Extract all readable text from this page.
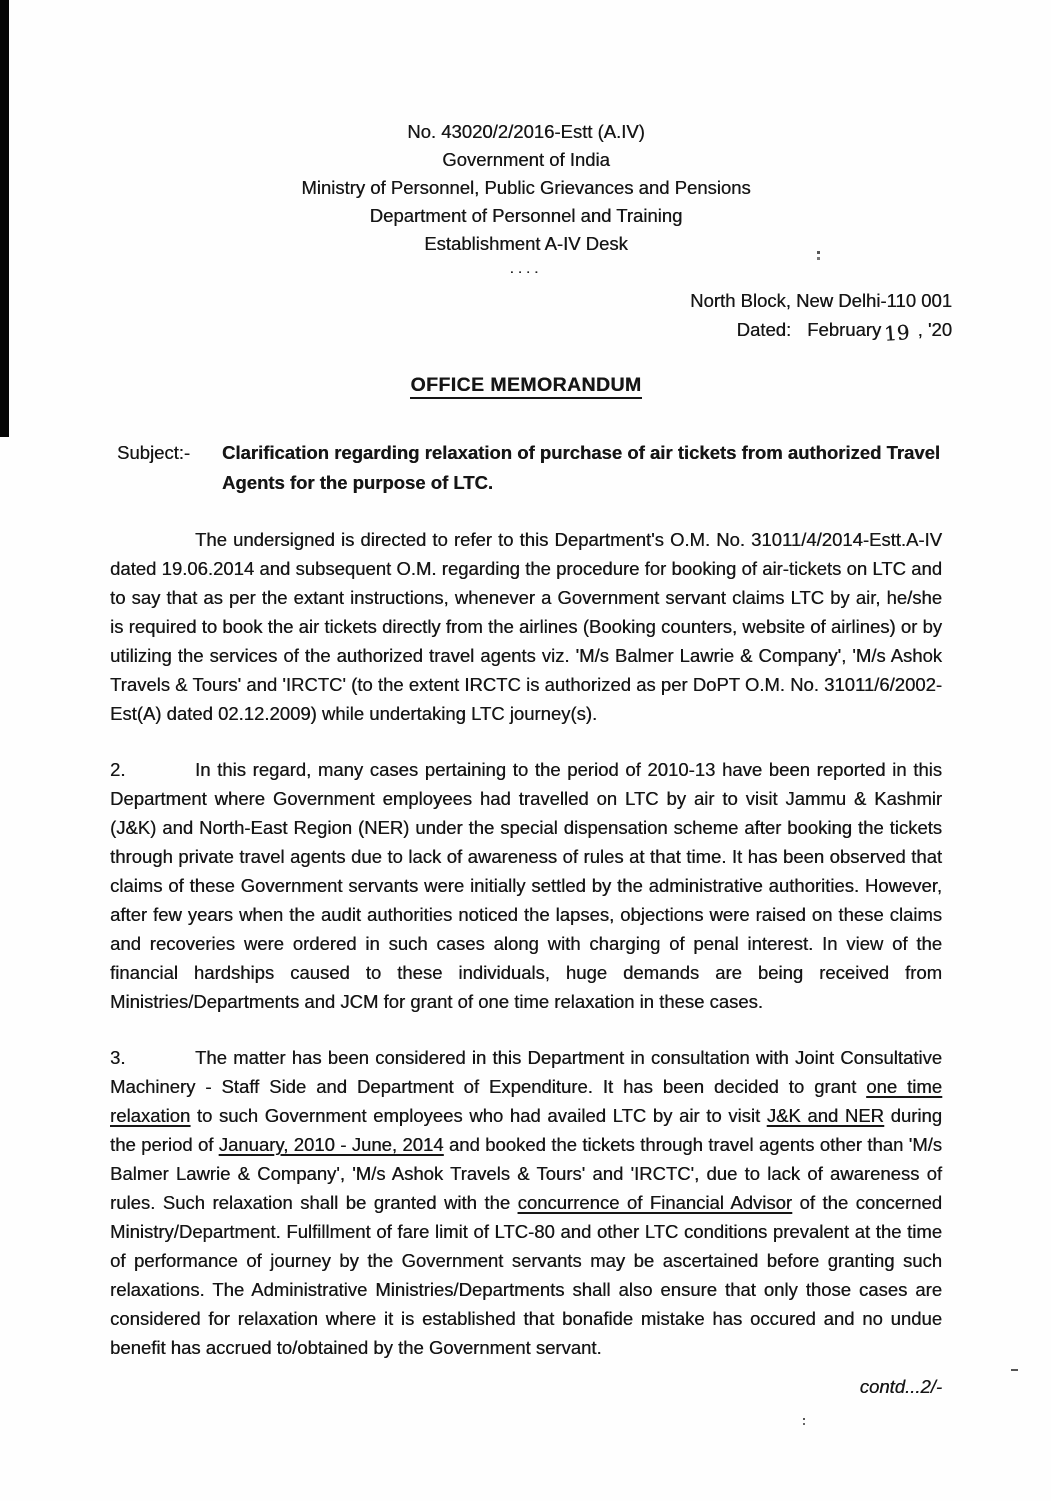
No. 43020/2/2016-Estt (A.IV)
Government of India
Ministry of Personnel, Public Grievances and Pensions
Department of Personnel and Training
Establishment A-IV Desk
....
North Block, New Delhi-110 001
Dated: February 19 , '20
OFFICE MEMORANDUM
Subject:-	Clarification regarding relaxation of purchase of air tickets from authorized Travel Agents for the purpose of LTC.

The undersigned is directed to refer to this Department's O.M. No. 31011/4/2014-Estt.A-IV dated 19.06.2014 and subsequent O.M. regarding the procedure for booking of air-tickets on LTC and to say that as per the extant instructions, whenever a Government servant claims LTC by air, he/she is required to book the air tickets directly from the airlines (Booking counters, website of airlines) or by utilizing the services of the authorized travel agents viz. 'M/s Balmer Lawrie & Company', 'M/s Ashok Travels & Tours' and 'IRCTC' (to the extent IRCTC is authorized as per DoPT O.M. No. 31011/6/2002-Est(A) dated 02.12.2009) while undertaking LTC journey(s).

2.	In this regard, many cases pertaining to the period of 2010-13 have been reported in this Department where Government employees had travelled on LTC by air to visit Jammu & Kashmir (J&K) and North-East Region (NER) under the special dispensation scheme after booking the tickets through private travel agents due to lack of awareness of rules at that time. It has been observed that claims of these Government servants were initially settled by the administrative authorities. However, after few years when the audit authorities noticed the lapses, objections were raised on these claims and recoveries were ordered in such cases along with charging of penal interest. In view of the financial hardships caused to these individuals, huge demands are being received from Ministries/Departments and JCM for grant of one time relaxation in these cases.

3.	The matter has been considered in this Department in consultation with Joint Consultative Machinery - Staff Side and Department of Expenditure. It has been decided to grant one time relaxation to such Government employees who had availed LTC by air to visit J&K and NER during the period of January, 2010 - June, 2014 and booked the tickets through travel agents other than 'M/s Balmer Lawrie & Company', 'M/s Ashok Travels & Tours' and 'IRCTC', due to lack of awareness of rules. Such relaxation shall be granted with the concurrence of Financial Advisor of the concerned Ministry/Department. Fulfillment of fare limit of LTC-80 and other LTC conditions prevalent at the time of performance of journey by the Government servants may be ascertained before granting such relaxations. The Administrative Ministries/Departments shall also ensure that only those cases are considered for relaxation where it is established that bonafide mistake has occured and no undue benefit has accrued to/obtained by the Government servant.

contd...2/-
